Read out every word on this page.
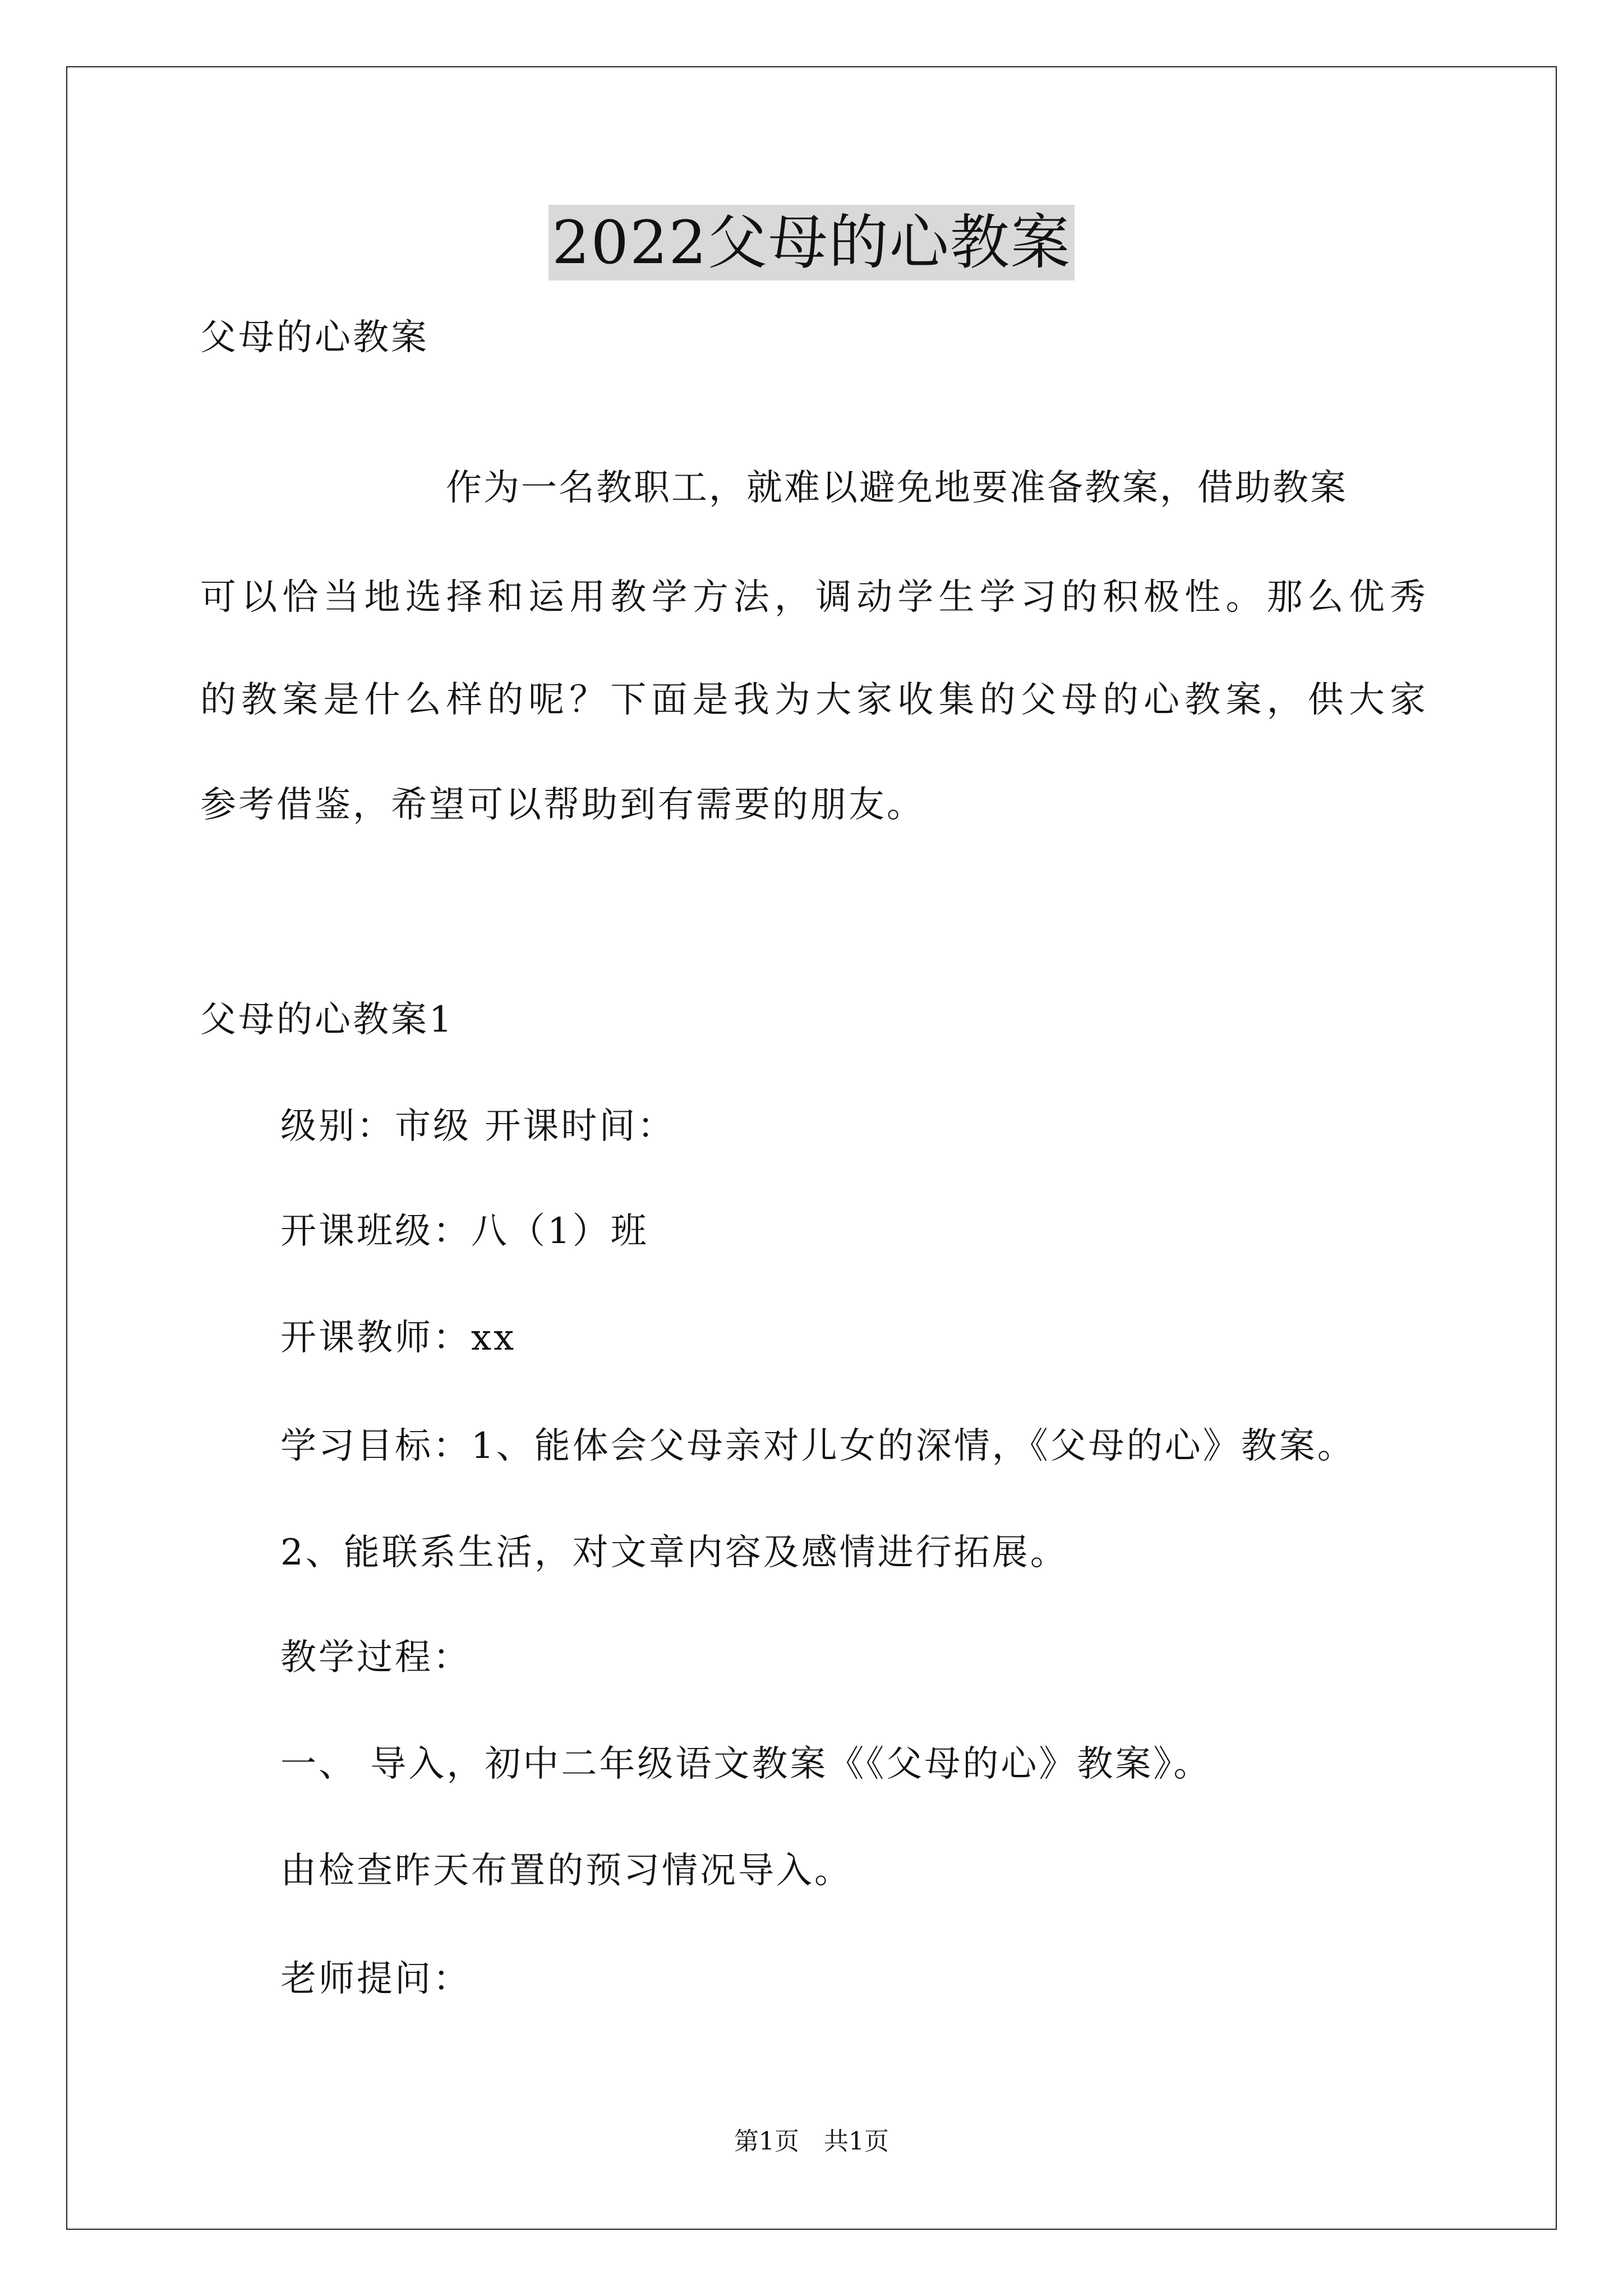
2022父母的心教案
父母的心教案
作为一名教职工，就难以避免地要准备教案，借助教案
可以恰当地选择和运用教学方法，调动学生学习的积极性。那么优秀
的教案是什么样的呢？下面是我为大家收集的父母的心教案，供大家
参考借鉴，希望可以帮助到有需要的朋友。
父母的心教案1
级别：市级 开课时间：
开课班级：八（1）班
开课教师：xx
学习目标：1、能体会父母亲对儿女的深情，《父母的心》教案。
2、能联系生活，对文章内容及感情进行拓展。
教学过程：
一、 导入，初中二年级语文教案《《父母的心》教案》。
由检查昨天布置的预习情况导入。
老师提问：
第1页 共1页
